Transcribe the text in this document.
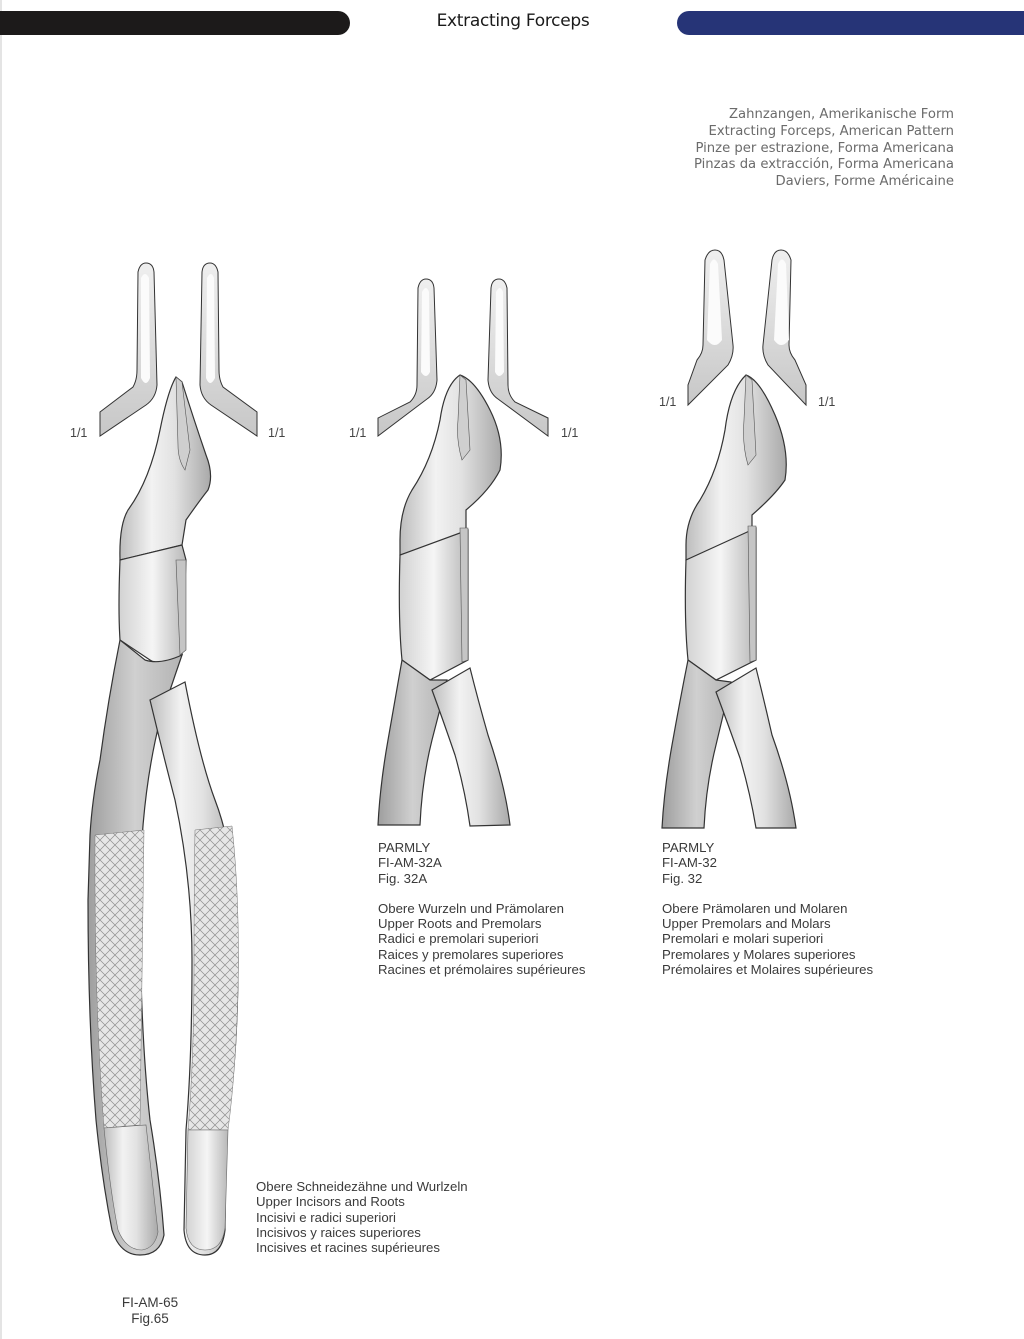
Extracting Forceps
Zahnzangen, Amerikanische Form
Extracting Forceps, American Pattern
Pinze per estrazione, Forma Americana
Pinzas da extracción, Forma Americana
Daviers, Forme Américaine
1/1	1/1	1/1	1/1
1/1	1/1
PARMLY
FI-AM-32A
Fig. 32A
Obere Wurzeln und Prämolaren
Upper Roots and Premolars
Radici e premolari superiori
Raices y premolares superiores
Racines et prémolaires supérieures
PARMLY
FI-AM-32
Fig. 32
Obere Prämolaren und Molaren
Upper Premolars and Molars
Premolari e molari superiori
Premolares y Molares superiores
Prémolaires et Molaires supérieures
Obere Schneidezähne und Wurlzeln
Upper Incisors and Roots
Incisivi e radici superiori
Incisivos y raices superiores
Incisives et racines supérieures
FI-AM-65
Fig.65
